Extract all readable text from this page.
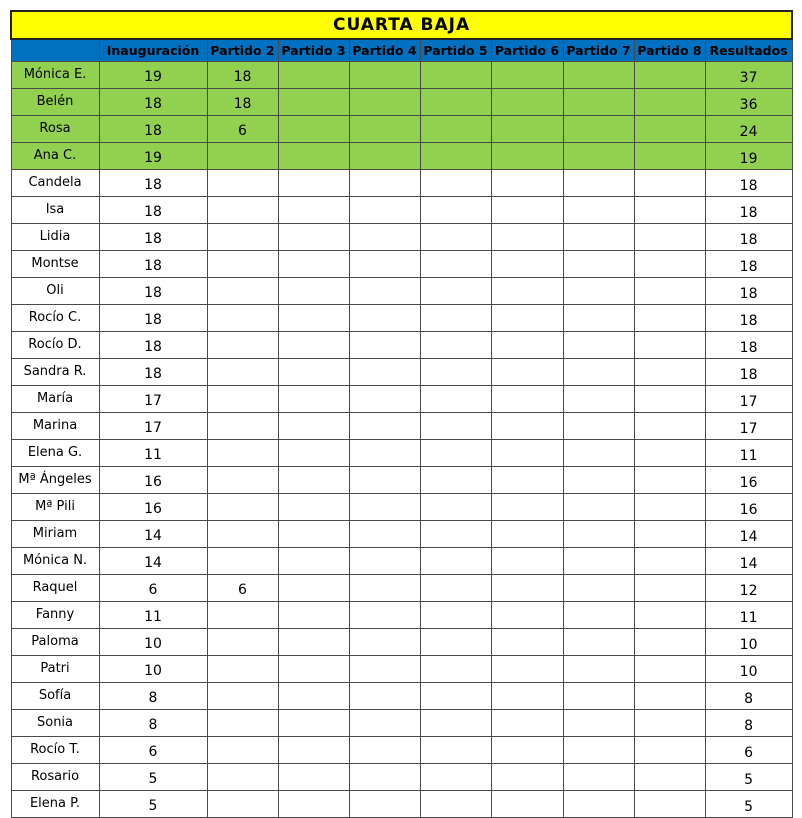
CUARTA BAJA									
	Inauguración	Partido 2	Partido 3	Partido 4	Partido 5	Partido 6	Partido 7	Partido 8	Resultados
Mónica E.	19	18							37
Belén	18	18							36
Rosa	18	6							24
Ana C.	19								19
Candela	18								18
Isa	18								18
Lidia	18								18
Montse	18								18
Oli	18								18
Rocío C.	18								18
Rocío D.	18								18
Sandra R.	18								18
María	17								17
Marina	17								17
Elena G.	11								11
Mª Ángeles	16								16
Mª Pili	16								16
Miriam	14								14
Mónica N.	14								14
Raquel	6	6							12
Fanny	11								11
Paloma	10								10
Patri	10								10
Sofía	8								8
Sonia	8								8
Rocío T.	6								6
Rosario	5								5
Elena P.	5								5
